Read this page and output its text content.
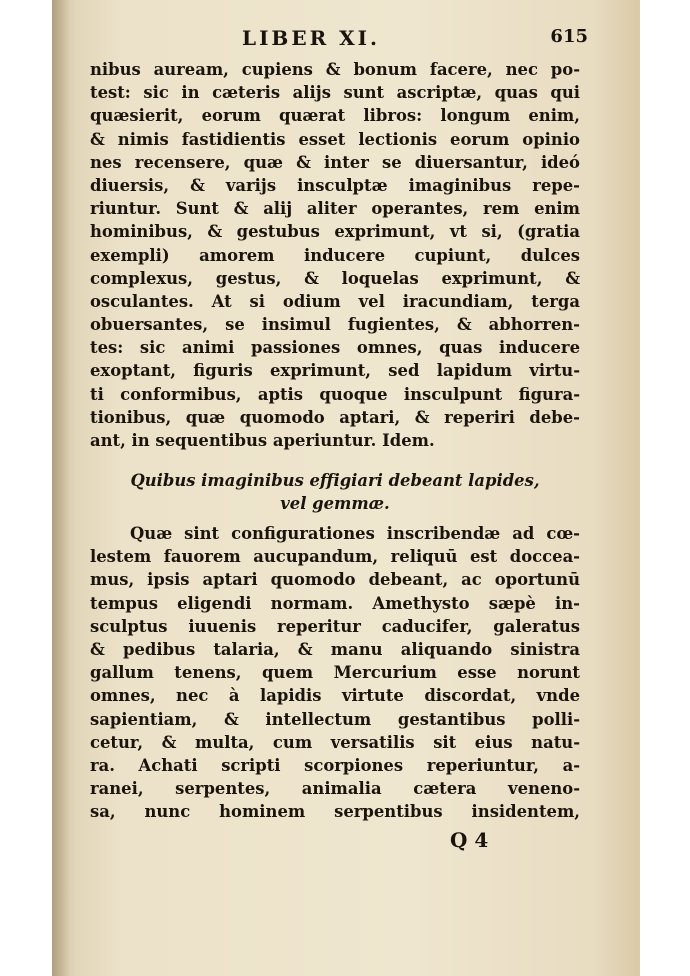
LIBER XI.	615
nibus auream, cupiens & bonum facere, nec po-
test: sic in cæteris alijs sunt ascriptæ, quas qui
quæsierit, eorum quærat libros: longum enim,
& nimis fastidientis esset lectionis eorum opinio
nes recensere, quæ & inter se diuersantur, ideó
diuersis, & varijs insculptæ imaginibus repe-
riuntur. Sunt & alij aliter operantes, rem enim
hominibus, & gestubus exprimunt, vt si, (gratia
exempli) amorem inducere cupiunt, dulces
complexus, gestus, & loquelas exprimunt, &
osculantes. At si odium vel iracundiam, terga
obuersantes, se insimul fugientes, & abhorren-
tes: sic animi passiones omnes, quas inducere
exoptant, figuris exprimunt, sed lapidum virtu-
ti conformibus, aptis quoque insculpunt figura-
tionibus, quæ quomodo aptari, & reperiri debe-
ant, in sequentibus aperiuntur. Idem.
Quibus imaginibus effigiari debeant lapides,
vel gemmæ.
Quæ sint configurationes inscribendæ ad cœ-
lestem fauorem aucupandum, reliquū est doccea-
mus, ipsis aptari quomodo debeant, ac oportunū
tempus eligendi normam. Amethysto sæpè in-
sculptus iuuenis reperitur caducifer, galeratus
& pedibus talaria, & manu aliquando sinistra
gallum tenens, quem Mercurium esse norunt
omnes, nec à lapidis virtute discordat, vnde
sapientiam, & intellectum gestantibus polli-
cetur, & multa, cum versatilis sit eius natu-
ra. Achati scripti scorpiones reperiuntur, a-
ranei, serpentes, animalia cætera veneno-
sa, nunc hominem serpentibus insidentem,
Q 4
